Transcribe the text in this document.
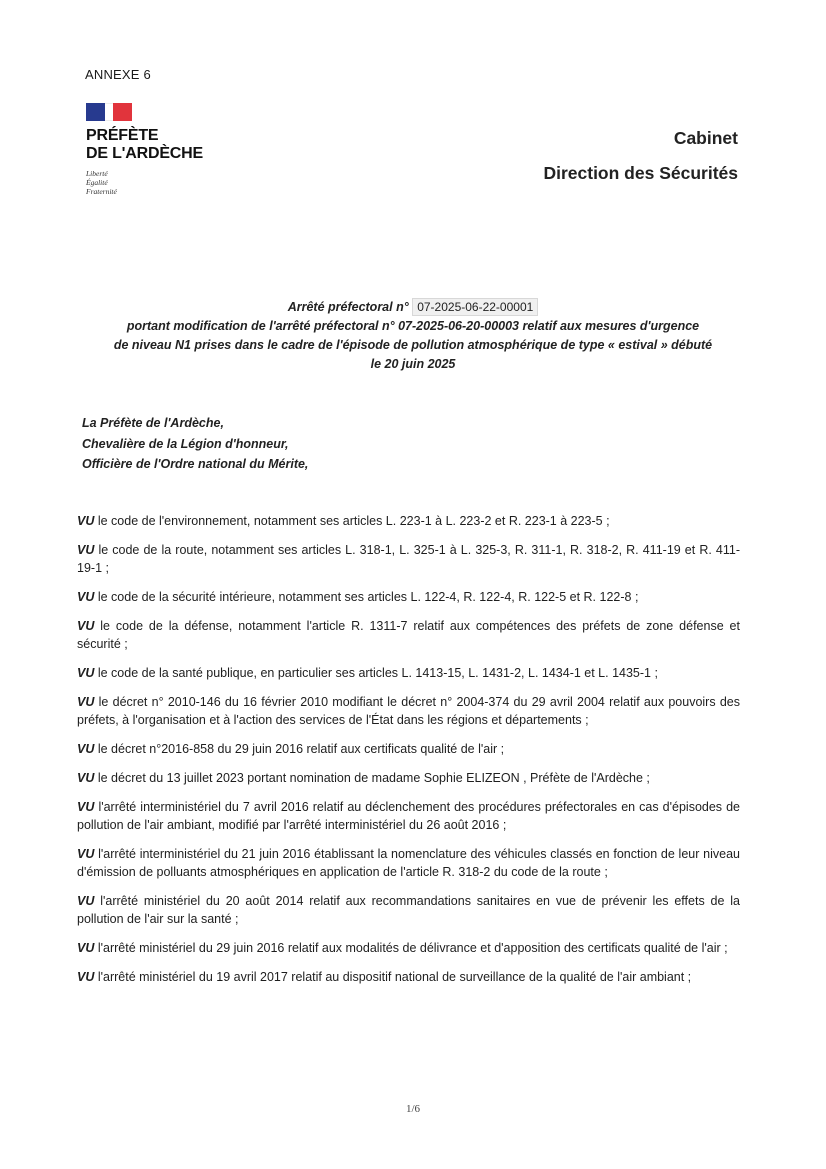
ANNEXE 6
PRÉFÈTE
DE L'ARDÈCHE
Liberté
Égalité
Fraternité
Cabinet
Direction des Sécurités
Arrêté préfectoral n° 07-2025-06-22-00001
portant modification de l'arrêté préfectoral n° 07-2025-06-20-00003 relatif aux mesures d'urgence
de niveau N1 prises dans le cadre de l'épisode de pollution atmosphérique de type « estival » débuté
le 20 juin 2025
La Préfète de l'Ardèche,
Chevalière de la Légion d'honneur,
Officière de l'Ordre national du Mérite,

VU le code de l'environnement, notamment ses articles L. 223-1 à L. 223-2 et R. 223-1 à 223-5 ;

VU le code de la route, notamment ses articles L. 318-1, L. 325-1 à L. 325-3, R. 311-1, R. 318-2, R. 411-19 et R. 411-19-1 ;

VU le code de la sécurité intérieure, notamment ses articles L. 122-4, R. 122-4, R. 122-5 et R. 122-8 ;

VU le code de la défense, notamment l'article R. 1311-7 relatif aux compétences des préfets de zone défense et sécurité ;

VU le code de la santé publique, en particulier ses articles L. 1413-15, L. 1431-2, L. 1434-1 et L. 1435-1 ;

VU le décret n° 2010-146 du 16 février 2010 modifiant le décret n° 2004-374 du 29 avril 2004 relatif aux pouvoirs des préfets, à l'organisation et à l'action des services de l'État dans les régions et départements ;

VU le décret n°2016-858 du 29 juin 2016 relatif aux certificats qualité de l'air ;

VU le décret du 13 juillet 2023 portant nomination de madame Sophie ELIZEON , Préfète de l'Ardèche ;

VU l'arrêté interministériel du 7 avril 2016 relatif au déclenchement des procédures préfectorales en cas d'épisodes de pollution de l'air ambiant, modifié par l'arrêté interministériel du 26 août 2016 ;

VU l'arrêté interministériel du 21 juin 2016 établissant la nomenclature des véhicules classés en fonction de leur niveau d'émission de polluants atmosphériques en application de l'article R. 318-2 du code de la route ;

VU l'arrêté ministériel du 20 août 2014 relatif aux recommandations sanitaires en vue de prévenir les effets de la pollution de l'air sur la santé ;

VU l'arrêté ministériel du 29 juin 2016 relatif aux modalités de délivrance et d'apposition des certificats qualité de l'air ;

VU l'arrêté ministériel du 19 avril 2017 relatif au dispositif national de surveillance de la qualité de l'air ambiant ;

1/6
